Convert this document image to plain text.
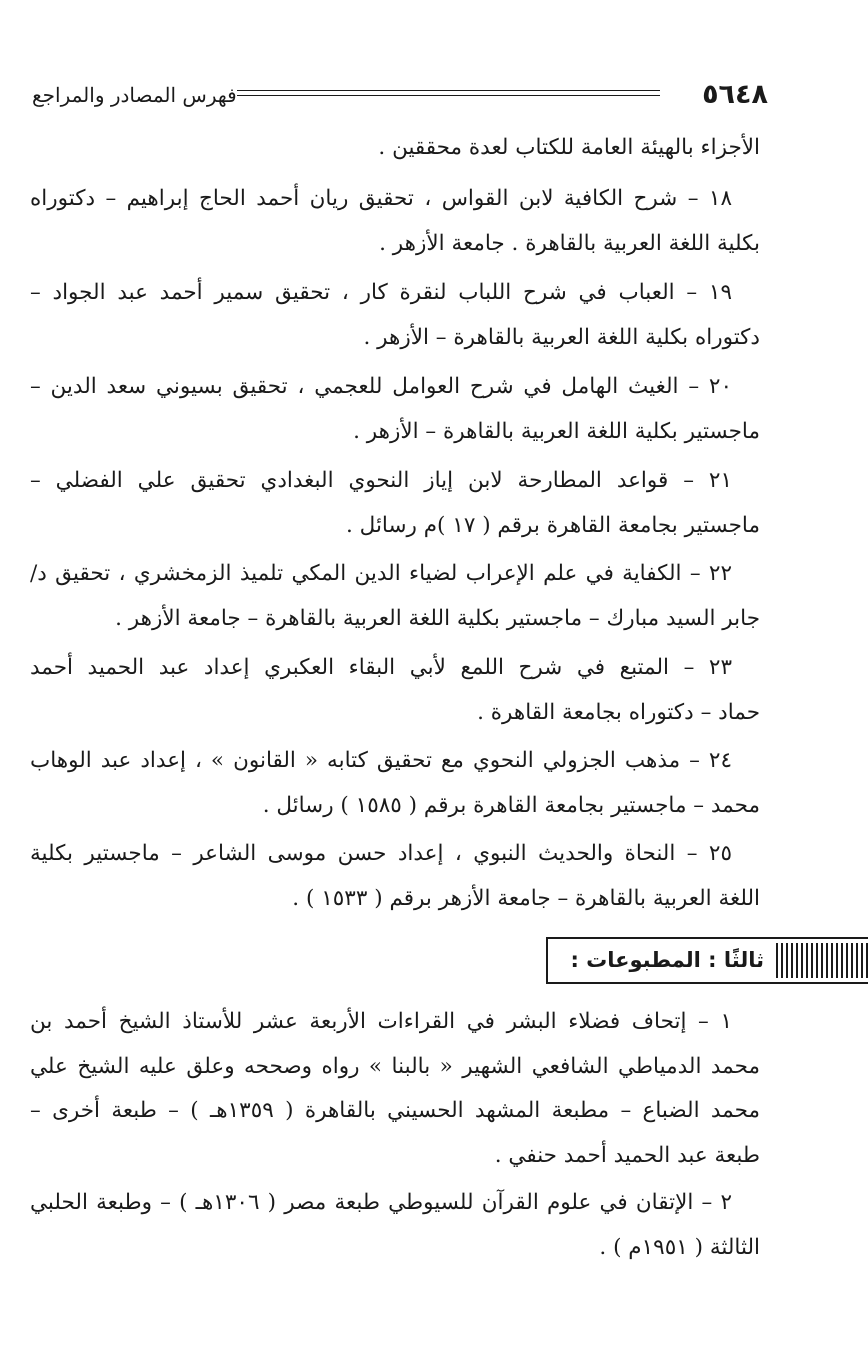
٥٦٤٨
فهرس المصادر والمراجع
الأجزاء بالهيئة العامة للكتاب لعدة محققين .
١٨ – شرح الكافية لابن القواس ، تحقيق ريان أحمد الحاج إبراهيم – دكتوراه
بكلية اللغة العربية بالقاهرة . جامعة الأزهر .
١٩ – العباب في شرح اللباب لنقرة كار ، تحقيق سمير أحمد عبد الجواد –
دكتوراه بكلية اللغة العربية بالقاهرة – الأزهر .
٢٠ – الغيث الهامل في شرح العوامل للعجمي ، تحقيق بسيوني سعد الدين –
ماجستير بكلية اللغة العربية بالقاهرة – الأزهر .
٢١ – قواعد المطارحة لابن إياز النحوي البغدادي تحقيق علي الفضلي –
ماجستير بجامعة القاهرة برقم ( ١٧ )م رسائل .
٢٢ – الكفاية في علم الإعراب لضياء الدين المكي تلميذ الزمخشري ، تحقيق د/
جابر السيد مبارك – ماجستير بكلية اللغة العربية بالقاهرة – جامعة الأزهر .
٢٣ – المتبع في شرح اللمع لأبي البقاء العكبري إعداد عبد الحميد أحمد
حماد – دكتوراه بجامعة القاهرة .
٢٤ – مذهب الجزولي النحوي مع تحقيق كتابه « القانون » ، إعداد عبد الوهاب
محمد – ماجستير بجامعة القاهرة برقم ( ١٥٨٥ ) رسائل .
٢٥ – النحاة والحديث النبوي ، إعداد حسن موسى الشاعر – ماجستير بكلية
اللغة العربية بالقاهرة – جامعة الأزهر برقم ( ١٥٣٣ ) .
ثالثًا : المطبوعات :
١ – إتحاف فضلاء البشر في القراءات الأربعة عشر للأستاذ الشيخ أحمد بن
محمد الدمياطي الشافعي الشهير « بالبنا » رواه وصححه وعلق عليه الشيخ علي
محمد الضباع – مطبعة المشهد الحسيني بالقاهرة ( ١٣٥٩هـ ) – طبعة أخرى –
طبعة عبد الحميد أحمد حنفي .
٢ – الإتقان في علوم القرآن للسيوطي طبعة مصر ( ١٣٠٦هـ ) – وطبعة الحلبي
الثالثة ( ١٩٥١م ) .
